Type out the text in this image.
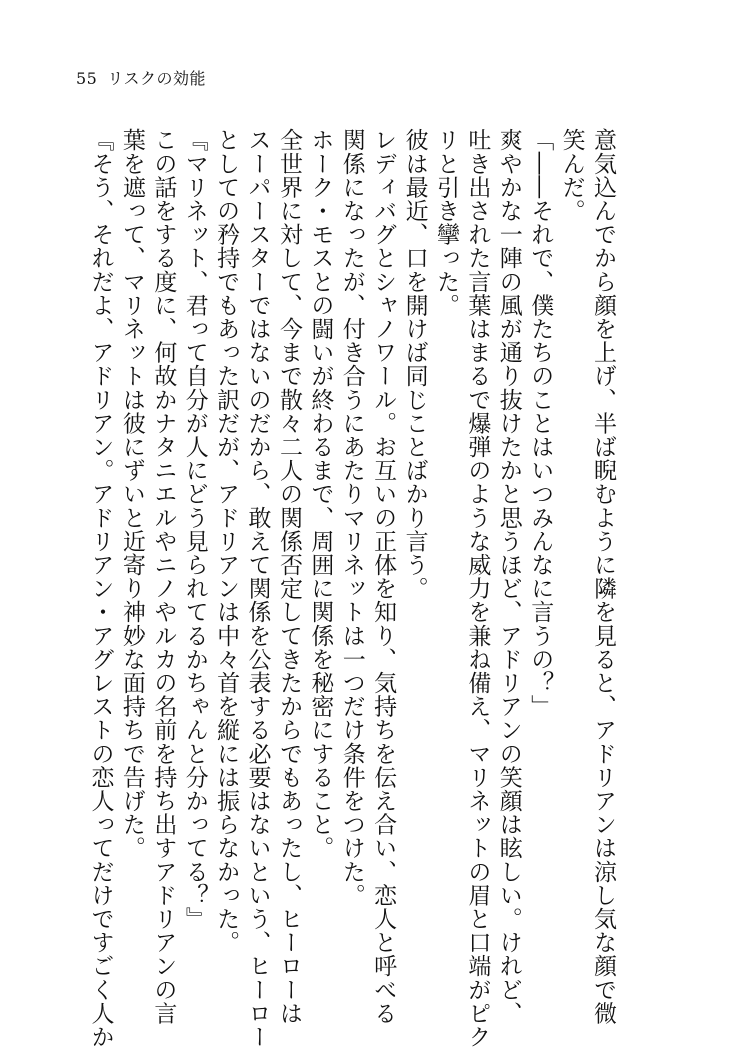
55 リスクの効能
意気込んでから顔を上げ、半ば睨むように隣を見ると、アドリアンは涼し気な顔で微
笑んだ。
「――それで、僕たちのことはいつみんなに言うの？」
爽やかな一陣の風が通り抜けたかと思うほど、アドリアンの笑顔は眩しい。けれど、
吐き出された言葉はまるで爆弾のような威力を兼ね備え、マリネットの眉と口端がピク
リと引き攣った。
彼は最近、口を開けば同じことばかり言う。
レディバグとシャノワール。お互いの正体を知り、気持ちを伝え合い、恋人と呼べる
関係になったが、付き合うにあたりマリネットは一つだけ条件をつけた。
ホーク・モスとの闘いが終わるまで、周囲に関係を秘密にすること。
全世界に対して、今まで散々二人の関係否定してきたからでもあったし、ヒーローは
スーパースターではないのだから、敢えて関係を公表する必要はないという、ヒーロー
としての矜持でもあった訳だが、アドリアンは中々首を縦には振らなかった。
『マリネット、君って自分が人にどう見られてるかちゃんと分かってる？』
この話をする度に、何故かナタニエルやニノやルカの名前を持ち出すアドリアンの言
葉を遮って、マリネットは彼にずいと近寄り神妙な面持ちで告げた。
『そう、それだよ、アドリアン。アドリアン・アグレストの恋人ってだけですごく人か
